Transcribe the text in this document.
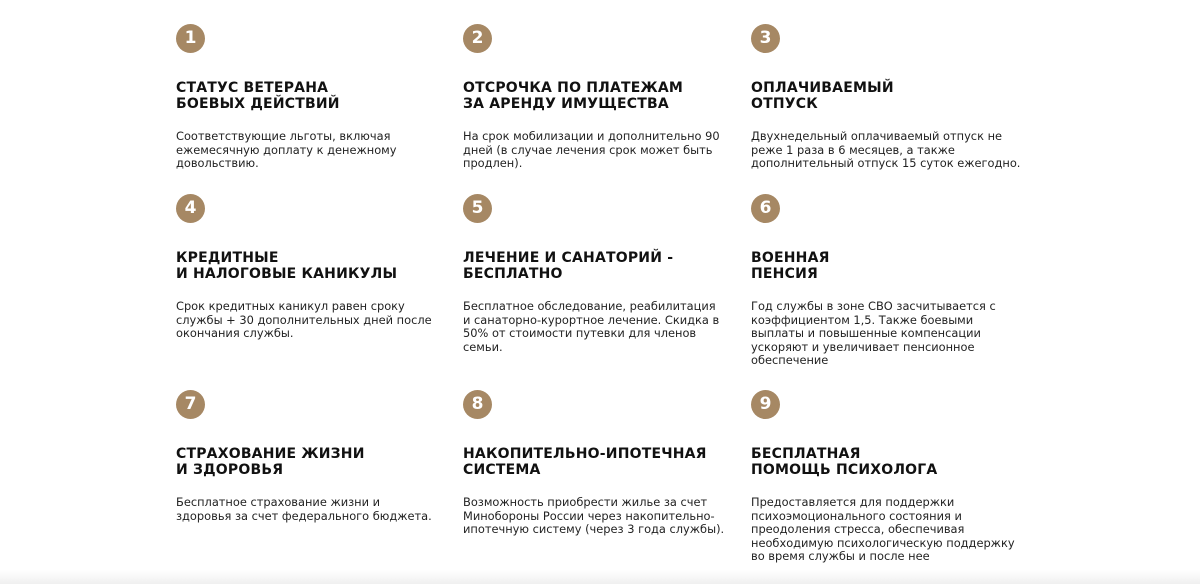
1
СТАТУС ВЕТЕРАНА
БОЕВЫХ ДЕЙСТВИЙ
Соответствующие льготы, включая ежемесячную доплату к денежному довольствию.
2
ОТСРОЧКА ПО ПЛАТЕЖАМ
ЗА АРЕНДУ ИМУЩЕСТВА
На срок мобилизации и дополнительно 90 дней (в случае лечения срок может быть продлен).
3
ОПЛАЧИВАЕМЫЙ
ОТПУСК
Двухнедельный оплачиваемый отпуск не реже 1 раза в 6 месяцев, а также дополнительный отпуск 15 суток ежегодно.
4
КРЕДИТНЫЕ
И НАЛОГОВЫЕ КАНИКУЛЫ
Срок кредитных каникул равен сроку службы + 30 дополнительных дней после окончания службы.
5
ЛЕЧЕНИЕ И САНАТОРИЙ -
БЕСПЛАТНО
Бесплатное обследование, реабилитация и санаторно-курортное лечение. Скидка в 50% от стоимости путевки для членов семьи.
6
ВОЕННАЯ
ПЕНСИЯ
Год службы в зоне СВО засчитывается с коэффициентом 1,5. Также боевыми выплаты и повышенные компенсации ускоряют и увеличивает пенсионное обеспечение
7
СТРАХОВАНИЕ ЖИЗНИ
И ЗДОРОВЬЯ
Бесплатное страхование жизни и здоровья за счет федерального бюджета.
8
НАКОПИТЕЛЬНО-ИПОТЕЧНАЯ
СИСТЕМА
Возможность приобрести жилье за счет Минобороны России через накопительно-ипотечную систему (через 3 года службы).
9
БЕСПЛАТНАЯ
ПОМОЩЬ ПСИХОЛОГА
Предоставляется для поддержки психоэмоционального состояния и преодоления стресса, обеспечивая необходимую психологическую поддержку во время службы и после нее
